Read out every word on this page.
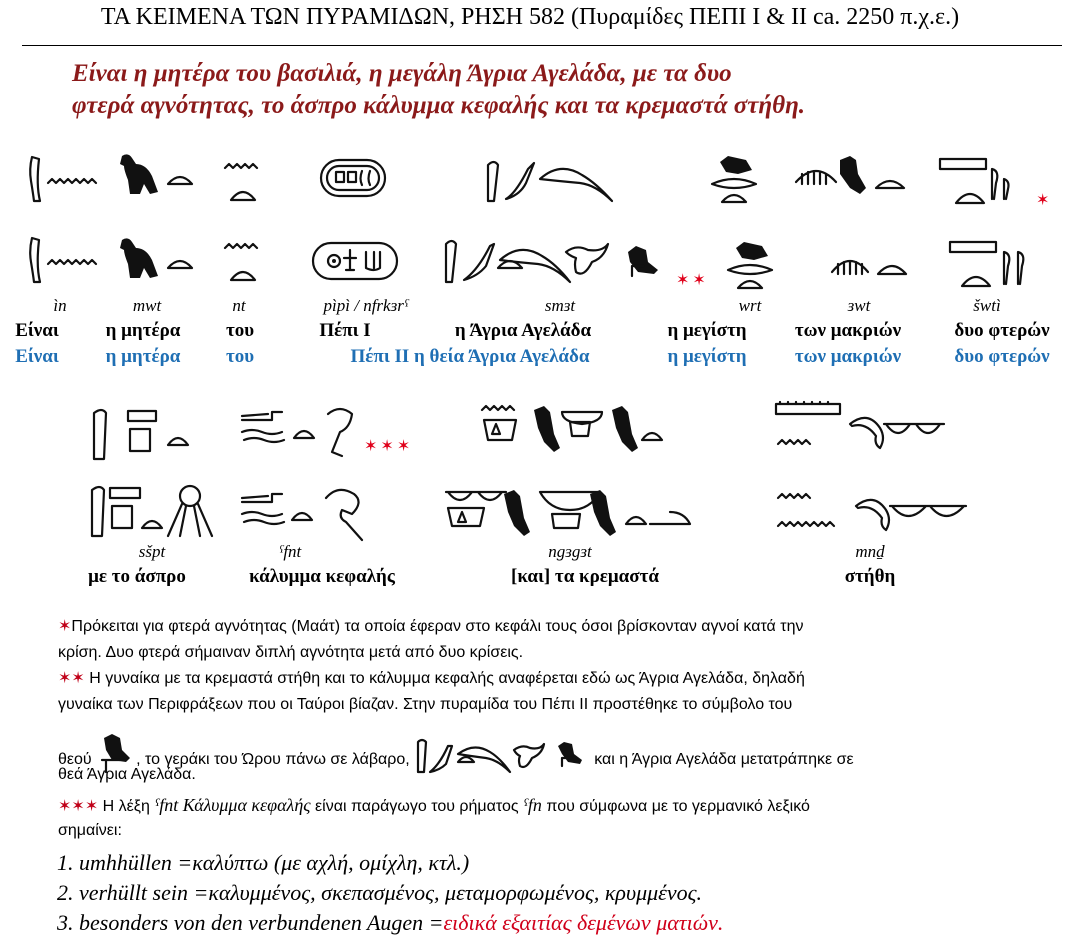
ΤΑ ΚΕΙΜΕΝΑ ΤΩΝ ΠΥΡΑΜΙΔΩΝ, ΡΗΣΗ 582 (Πυραμίδες ΠΕΠΙ Ι & ΙΙ ca. 2250 π.χ.ε.)
Είναι η μητέρα του βασιλιά, η μεγάλη Άγρια Αγελάδα, με τα δυο
φτερά αγνότητας, το άσπρο κάλυμμα κεφαλής και τα κρεμαστά στήθη.
✶
✶✶
ìn	mwt	nt	pìpì / nfrkɜrˤ	smɜt	wrt	ɜwt	šwtì
Είναι	η μητέρα	του	Πέπι Ι	η Άγρια Αγελάδα	η μεγίστη	των μακριών	δυο φτερών
Είναι	η μητέρα	του	Πέπι ΙΙ η θεία Άγρια Αγελάδα	η μεγίστη	των μακριών	δυο φτερών
✶✶✶
sšpt	ˤfnt	ngɜgɜt	mnḏ
με το άσπρο	κάλυμμα κεφαλής	[και] τα κρεμαστά	στήθη
✶Πρόκειται για φτερά αγνότητας (Μαάτ) τα οποία έφεραν στο κεφάλι τους όσοι βρίσκονταν αγνοί κατά την
κρίση. Δυο φτερά σήμαιναν διπλή αγνότητα μετά από δυο κρίσεις.
✶✶ Η γυναίκα με τα κρεμαστά στήθη και το κάλυμμα κεφαλής αναφέρεται εδώ ως Άγρια Αγελάδα, δηλαδή
γυναίκα των Περιφράξεων που οι Ταύροι βίαζαν. Στην πυραμίδα του Πέπι ΙΙ προστέθηκε το σύμβολο του
θεού	, το γεράκι του Ώρου πάνω σε λάβαρο,	και η Άγρια Αγελάδα μετατράπηκε σε
θεά Άγρια Αγελάδα.
✶✶✶ Η λέξη ˤfnt Κάλυμμα κεφαλής είναι παράγωγο του ρήματος ˤfn που σύμφωνα με το γερμανικό λεξικό
σημαίνει:
1. umhhüllen =καλύπτω (με αχλή, ομίχλη, κτλ.)
2. verhüllt sein =καλυμμένος, σκεπασμένος, μεταμορφωμένος, κρυμμένος.
3. besonders von den verbundenen Augen =ειδικά εξαιτίας δεμένων ματιών.
